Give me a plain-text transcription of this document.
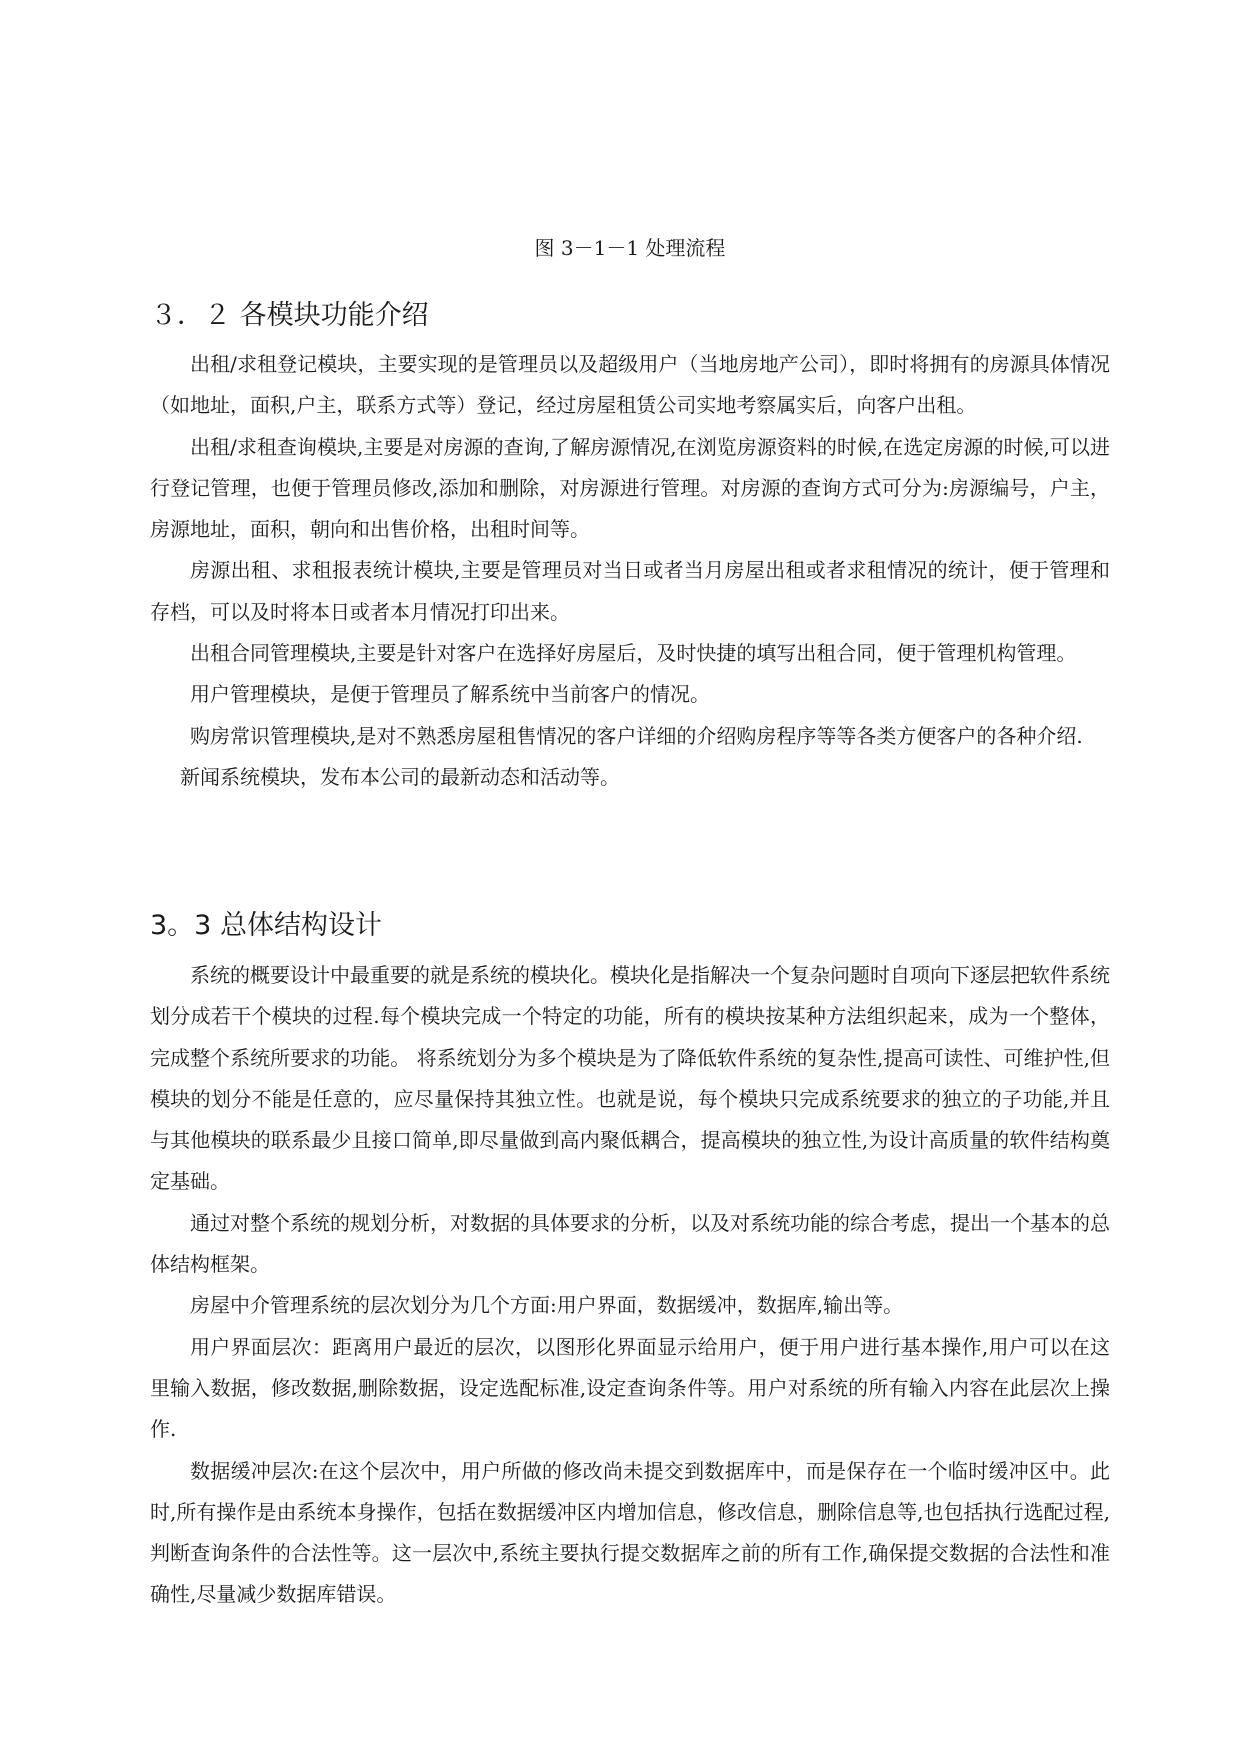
图 3－1－1 处理流程
３．２ 各模块功能介绍

出租/求租登记模块，主要实现的是管理员以及超级用户（当地房地产公司），即时将拥有的房源具体情况（如地址，面积,户主，联系方式等）登记，经过房屋租赁公司实地考察属实后，向客户出租。

出租/求租查询模块,主要是对房源的查询,了解房源情况,在浏览房源资料的时候,在选定房源的时候,可以进行登记管理，也便于管理员修改,添加和删除，对房源进行管理。对房源的查询方式可分为:房源编号，户主，房源地址，面积，朝向和出售价格，出租时间等。

房源出租、求租报表统计模块,主要是管理员对当日或者当月房屋出租或者求租情况的统计，便于管理和存档，可以及时将本日或者本月情况打印出来。

出租合同管理模块,主要是针对客户在选择好房屋后，及时快捷的填写出租合同，便于管理机构管理。

用户管理模块，是便于管理员了解系统中当前客户的情况。

购房常识管理模块,是对不熟悉房屋租售情况的客户详细的介绍购房程序等等各类方便客户的各种介绍.

新闻系统模块，发布本公司的最新动态和活动等。

3。3 总体结构设计

系统的概要设计中最重要的就是系统的模块化。模块化是指解决一个复杂问题时自项向下逐层把软件系统划分成若干个模块的过程.每个模块完成一个特定的功能，所有的模块按某种方法组织起来，成为一个整体，完成整个系统所要求的功能。 将系统划分为多个模块是为了降低软件系统的复杂性,提高可读性、可维护性,但模块的划分不能是任意的，应尽量保持其独立性。也就是说，每个模块只完成系统要求的独立的子功能,并且与其他模块的联系最少且接口简单,即尽量做到高内聚低耦合，提高模块的独立性,为设计高质量的软件结构奠定基础。

通过对整个系统的规划分析，对数据的具体要求的分析，以及对系统功能的综合考虑，提出一个基本的总体结构框架。

房屋中介管理系统的层次划分为几个方面:用户界面，数据缓冲，数据库,输出等。

用户界面层次：距离用户最近的层次，以图形化界面显示给用户，便于用户进行基本操作,用户可以在这里输入数据，修改数据,删除数据，设定选配标准,设定查询条件等。用户对系统的所有输入内容在此层次上操作.

数据缓冲层次:在这个层次中，用户所做的修改尚未提交到数据库中，而是保存在一个临时缓冲区中。此时,所有操作是由系统本身操作，包括在数据缓冲区内增加信息，修改信息，删除信息等,也包括执行选配过程,判断查询条件的合法性等。这一层次中,系统主要执行提交数据库之前的所有工作,确保提交数据的合法性和准确性,尽量减少数据库错误。
